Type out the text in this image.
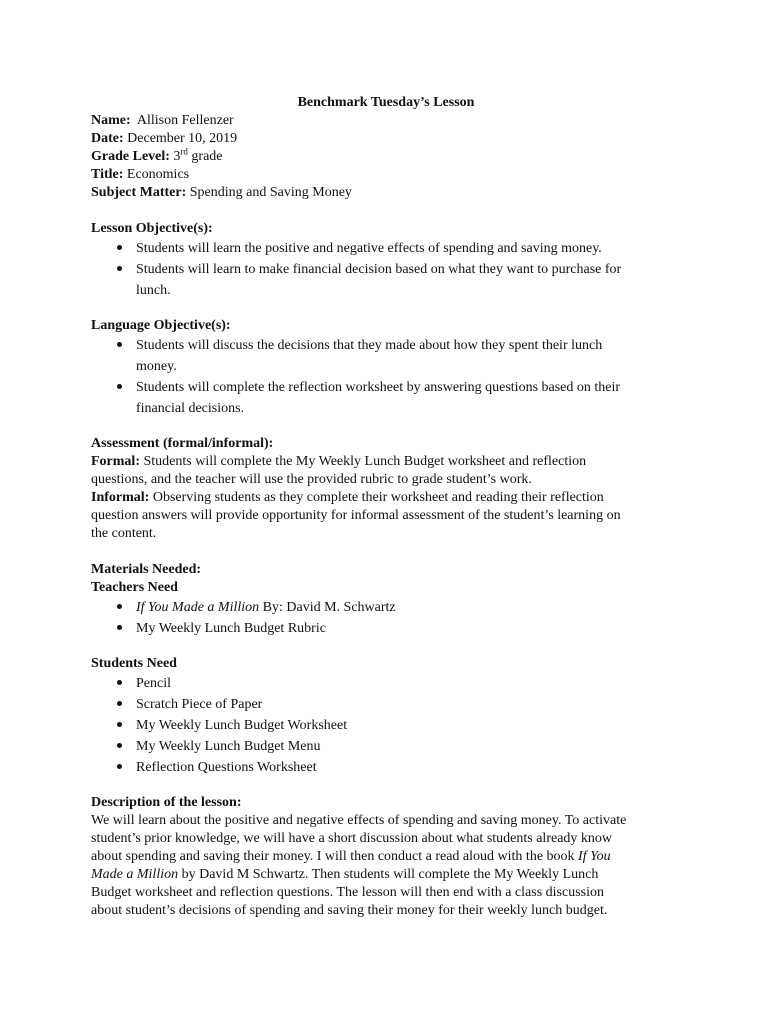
Benchmark Tuesday’s Lesson

Name: Allison Fellenzer

Date: December 10, 2019

Grade Level: 3rd grade

Title: Economics

Subject Matter: Spending and Saving Money

Lesson Objective(s):

Students will learn the positive and negative effects of spending and saving money.
Students will learn to make financial decision based on what they want to purchase for
lunch.

Language Objective(s):

Students will discuss the decisions that they made about how they spent their lunch
money.
Students will complete the reflection worksheet by answering questions based on their
financial decisions.

Assessment (formal/informal):

Formal: Students will complete the My Weekly Lunch Budget worksheet and reflection
questions, and the teacher will use the provided rubric to grade student’s work.

Informal: Observing students as they complete their worksheet and reading their reflection
question answers will provide opportunity for informal assessment of the student’s learning on
the content.

Materials Needed:

Teachers Need

If You Made a Million By: David M. Schwartz
My Weekly Lunch Budget Rubric

Students Need

Pencil
Scratch Piece of Paper
My Weekly Lunch Budget Worksheet
My Weekly Lunch Budget Menu
Reflection Questions Worksheet

Description of the lesson:

We will learn about the positive and negative effects of spending and saving money. To activate
student’s prior knowledge, we will have a short discussion about what students already know
about spending and saving their money. I will then conduct a read aloud with the book If You
Made a Million by David M Schwartz. Then students will complete the My Weekly Lunch
Budget worksheet and reflection questions. The lesson will then end with a class discussion
about student’s decisions of spending and saving their money for their weekly lunch budget.
